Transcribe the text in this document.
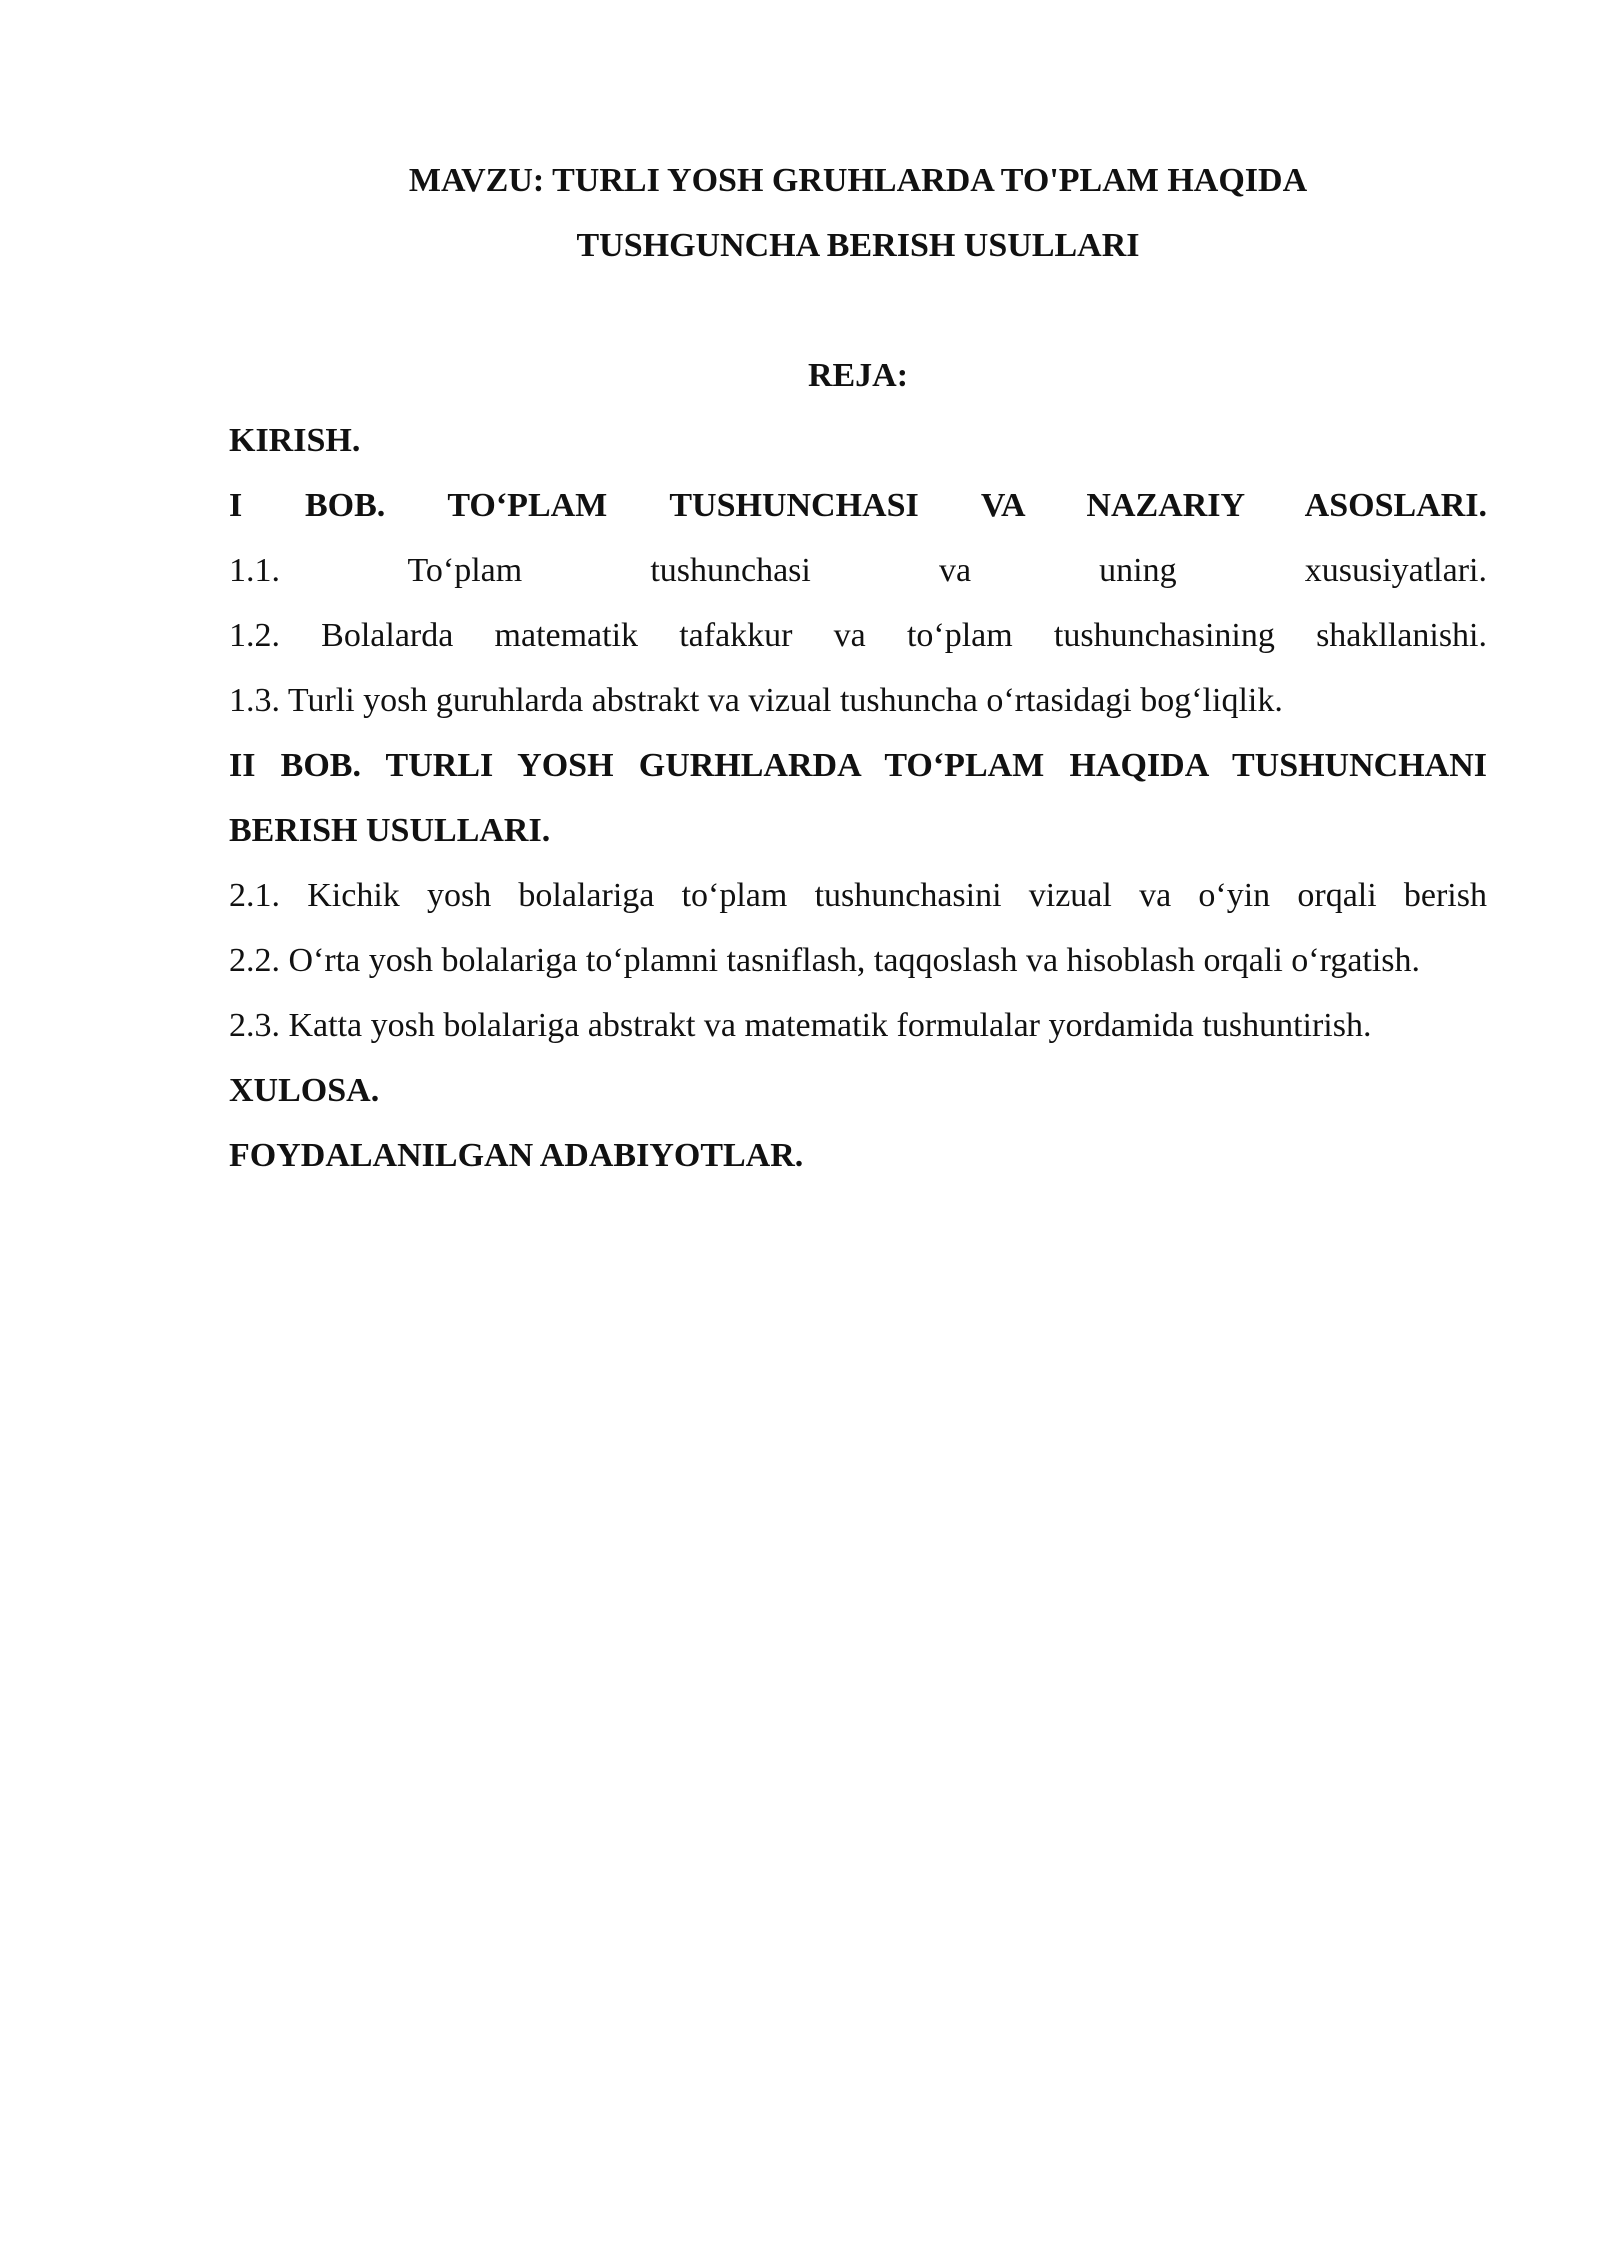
MAVZU: TURLI YOSH GRUHLARDA TO'PLAM HAQIDA

TUSHGUNCHA BERISH USULLARI

REJA:

KIRISH.

I BOB. TO‘PLAM TUSHUNCHASI VA NAZARIY ASOSLARI.

1.1. To‘plam tushunchasi va uning xususiyatlari.

1.2. Bolalarda matematik tafakkur va to‘plam tushunchasining shakllanishi.

1.3. Turli yosh guruhlarda abstrakt va vizual tushuncha o‘rtasidagi bog‘liqlik.

II BOB. TURLI YOSH GURHLARDA TO‘PLAM HAQIDA TUSHUNCHANI BERISH USULLARI.

2.1. Kichik yosh bolalariga to‘plam tushunchasini vizual va o‘yin orqali berish

2.2. O‘rta yosh bolalariga to‘plamni tasniflash, taqqoslash va hisoblash orqali o‘rgatish.

2.3. Katta yosh bolalariga abstrakt va matematik formulalar yordamida tushuntirish.

XULOSA.

FOYDALANILGAN ADABIYOTLAR.
